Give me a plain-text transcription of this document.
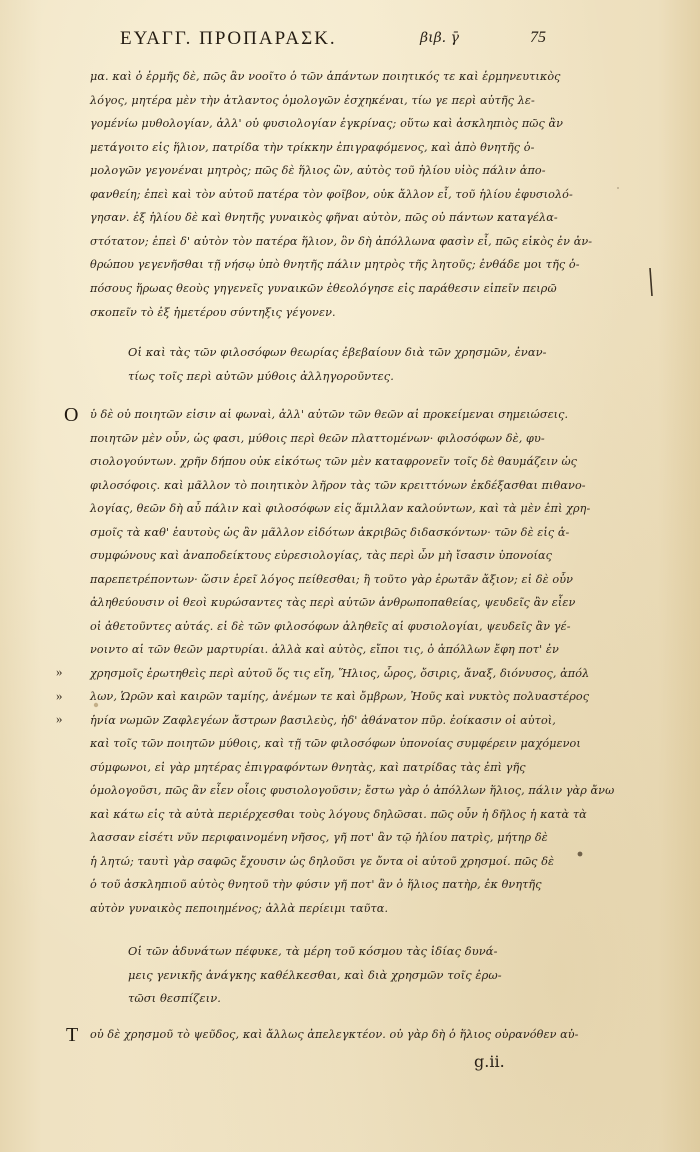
ΕΥΑΓΓ. ΠΡΟΠΑΡΑΣΚ.	βιβ. γ̄	75
μα. καὶ ὁ ἑρμῆς δὲ, πῶς ἂν νοοῖτο ὁ τῶν ἁπάντων ποιητικός τε καὶ ἑρμηνευτικὸς
λόγος, μητέρα μὲν τὴν ἀτλαντος ὁμολογῶν ἐσχηκέναι, τίω γε περὶ αὐτῆς λε-
γομένίω μυθολογίαν, ἀλλ' οὐ φυσιολογίαν ἐγκρίνας; οὕτω καὶ ἀσκληπιὸς πῶς ἂν
μετάγοιτο εἰς ἥλιον, πατρίδα τὴν τρίκκην ἐπιγραφόμενος, καὶ ἀπὸ θνητῆς ὁ-
μολογῶν γεγονέναι μητρὸς; πῶς δὲ ἥλιος ὢν, αὐτὸς τοῦ ἡλίου υἱὸς πάλιν ἀπο-
φανθείη; ἐπεὶ καὶ τὸν αὐτοῦ πατέρα τὸν φοῖβον, οὐκ ἄλλον εἶ, τοῦ ἡλίου ἐφυσιολό-
γησαν. ἐξ ἡλίου δὲ καὶ θνητῆς γυναικὸς φῆναι αὐτὸν, πῶς οὐ πάντων καταγέλα-
στότατον; ἐπεὶ δ' αὐτὸν τὸν πατέρα ἥλιον, ὃν δὴ ἀπόλλωνα φασὶν εἶ, πῶς εἰκὸς ἐν ἀν-
θρώπου γεγενῆσθαι τῇ νήσῳ ὑπὸ θνητῆς πάλιν μητρὸς τῆς λητοῦς; ἐνθάδε μοι τῆς ὁ-
πόσους ἥρωας θεοὺς γηγενεῖς γυναικῶν ἐθεολόγησε εἰς παράθεσιν εἰπεῖν πειρῶ
σκοπεῖν τὸ ἐξ ἡμετέρου σύντηξις γέγονεν.
Οἱ καὶ τὰς τῶν φιλοσόφων θεωρίας ἐβεβαίουν διὰ τῶν χρησμῶν, ἐναν-
τίως τοῖς περὶ αὐτῶν μύθοις ἀλληγοροῦντες.
Ο ὐ δὲ οὐ ποιητῶν εἰσιν αἱ φωναὶ, ἀλλ' αὐτῶν τῶν θεῶν αἱ προκείμεναι σημειώσεις.
ποιητῶν μὲν οὖν, ὡς φασι, μύθοις περὶ θεῶν πλαττομένων· φιλοσόφων δὲ, φυ-
σιολογούντων. χρῆν δήπου οὐκ εἰκότως τῶν μὲν καταφρονεῖν τοῖς δὲ θαυμάζειν ὡς
φιλοσόφοις. καὶ μᾶλλον τὸ ποιητικὸν λῆρον τὰς τῶν κρειττόνων ἐκδέξασθαι πιθανο-
λογίας, θεῶν δὴ αὖ πάλιν καὶ φιλοσόφων εἰς ἅμιλλαν καλούντων, καὶ τὰ μὲν ἐπὶ χρη-
σμοῖς τὰ καθ' ἑαυτοὺς ὡς ἂν μᾶλλον εἰδότων ἀκριβῶς διδασκόντων· τῶν δὲ εἰς ἀ-
συμφώνους καὶ ἀναποδείκτους εὑρεσιολογίας, τὰς περὶ ὧν μὴ ἴσασιν ὑπονοίας
παρεπετρέποντων· ὥσιν ἐρεῖ λόγος πείθεσθαι; ἢ τοῦτο γὰρ ἐρωτᾶν ἄξιον; εἰ δὲ οὖν
ἀληθεύουσιν οἱ θεοὶ κυρώσαντες τὰς περὶ αὐτῶν ἀνθρωποπαθείας, ψευδεῖς ἂν εἶεν
οἱ ἀθετοῦντες αὐτάς. εἰ δὲ τῶν φιλοσόφων ἀληθεῖς αἱ φυσιολογίαι, ψευδεῖς ἂν γέ-
νοιντο αἱ τῶν θεῶν μαρτυρίαι. ἀλλὰ καὶ αὐτὸς, εἴποι τις, ὁ ἀπόλλων ἔφη ποτ' ἐν
» χρησμοῖς ἐρωτηθεὶς περὶ αὐτοῦ ὅς τις εἴη, Ἥλιος, ὧρος, ὄσιρις, ἄναξ, διόνυσος, ἀπόλ
» λων, Ὡρῶν καὶ καιρῶν ταμίης, ἀνέμων τε καὶ ὄμβρων, Ἠοῦς καὶ νυκτὸς πολυαστέρος
» ἡνία νωμῶν Ζαφλεγέων ἄστρων βασιλεὺς, ἠδ' ἀθάνατον πῦρ. ἐοίκασιν οἱ αὐτοὶ,
καὶ τοῖς τῶν ποιητῶν μύθοις, καὶ τῇ τῶν φιλοσόφων ὑπονοίας συμφέρειν μαχόμενοι
σύμφωνοι, εἰ γὰρ μητέρας ἐπιγραφόντων θνητὰς, καὶ πατρίδας τὰς ἐπὶ γῆς
ὁμολογοῦσι, πῶς ἂν εἶεν οἷοις φυσιολογοῦσιν; ἔστω γὰρ ὁ ἀπόλλων ἥλιος, πάλιν γὰρ ἄνω
καὶ κάτω εἰς τὰ αὐτὰ περιέρχεσθαι τοὺς λόγους δηλῶσαι. πῶς οὖν ἡ δῆλος ἡ κατὰ τὰ
λασσαν εἰσέτι νῦν περιφαινομένη νῆσος, γῆ ποτ' ἂν τῷ ἡλίου πατρὶς, μήτηρ δὲ
ἡ λητώ; ταυτὶ γὰρ σαφῶς ἔχουσιν ὡς δηλοῦσι γε ὄντα οἱ αὐτοῦ χρησμοί. πῶς δὲ
ὁ τοῦ ἀσκληπιοῦ αὐτὸς θνητοῦ τὴν φύσιν γῆ ποτ' ἂν ὁ ἥλιος πατὴρ, ἐκ θνητῆς
αὐτὸν γυναικὸς πεποιημένος; ἀλλὰ περίειμι ταῦτα.
Οἱ τῶν ἀδυνάτων πέφυκε, τὰ μέρη τοῦ κόσμου τὰς ἰδίας δυνά-
μεις γενικῆς ἀνάγκης καθέλκεσθαι, καὶ διὰ χρησμῶν τοῖς ἐρω-
τῶσι θεσπίζειν.
Τ οὐ δὲ χρησμοῦ τὸ ψεῦδος, καὶ ἄλλως ἀπελεγκτέον. οὐ γὰρ δὴ ὁ ἥλιος οὐρανόθεν αὐ-
g.ii.
